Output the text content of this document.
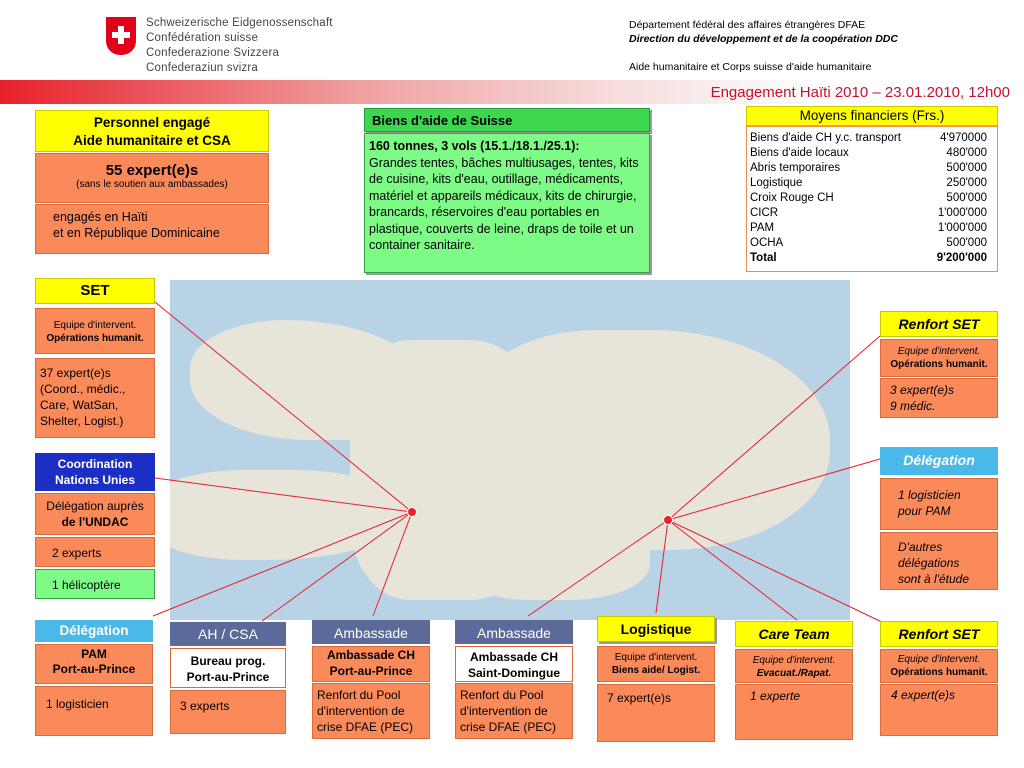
Schweizerische Eidgenossenschaft
Confédération suisse
Confederazione Svizzera
Confederaziun svizra
Département fédéral des affaires étrangères DFAE
Direction du développement et de la coopération DDC
Aide humanitaire et Corps suisse d'aide humanitaire
Engagement Haïti 2010 – 23.01.2010, 12h00
Personnel engagé
Aide humanitaire et CSA
55 expert(e)s
(sans le soutien aux ambassades)
engagés en Haïti
et en République Dominicaine
Biens d'aide de Suisse
160 tonnes, 3 vols (15.1./18.1./25.1):
Grandes tentes, bâches multiusages, tentes, kits de cuisine, kits d'eau, outillage, médicaments, matériel et appareils médicaux, kits de chirurgie, brancards, réservoires d'eau portables en plastique, couverts de leine, draps de toile et un container sanitaire.
Moyens financiers (Frs.)
Biens d'aide CH y.c. transport	4'970000
Biens d'aide locaux	480'000
Abris temporaires	500'000
Logistique	250'000
Croix Rouge CH	500'000
CICR	1'000'000
PAM	1'000'000
OCHA	500'000
Total	9'200'000
SET
Equipe d'intervent.
Opérations humanit.
37 expert(e)s (Coord., médic., Care, WatSan, Shelter, Logist.)
Coordination
Nations Unies
Délégation auprès
de l'UNDAC
2 experts
1 hélicoptère
Renfort SET
Equipe d'intervent.
Opérations humanit.
3 expert(e)s
9 médic.
Délégation
1 logisticien
pour PAM
D'autres
délégations
sont à l'étude
Délégation
PAM
Port-au-Prince
1 logisticien
AH / CSA
Bureau prog.
Port-au-Prince
3 experts
Ambassade
Ambassade CH
Port-au-Prince
Renfort du Pool
d'intervention de
crise DFAE (PEC)
Ambassade
Ambassade CH
Saint-Domingue
Renfort du Pool
d'intervention de
crise DFAE (PEC)
Logistique
Equipe d'intervent.
Biens aide/ Logist.
7 expert(e)s
Care Team
Equipe d'intervent.
Evacuat./Rapat.
1 experte
Renfort SET
Equipe d'intervent.
Opérations humanit.
4 expert(e)s
